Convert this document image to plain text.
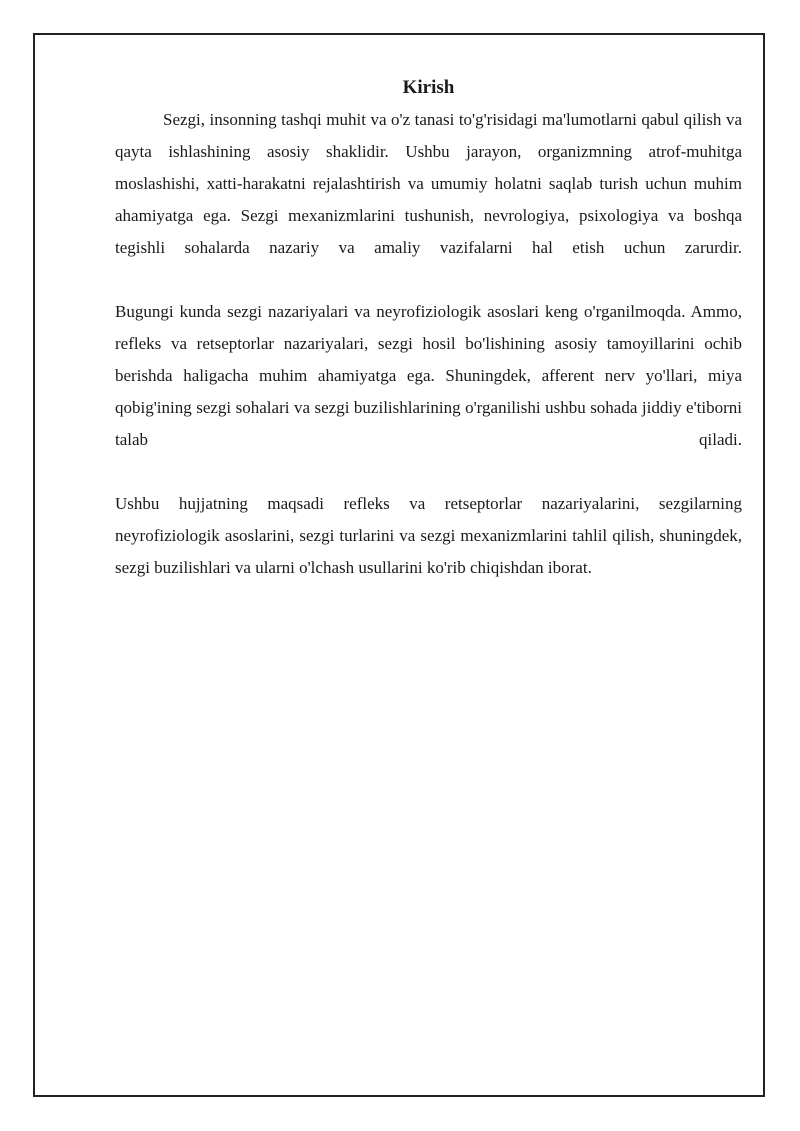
Kirish

Sezgi, insonning tashqi muhit va o'z tanasi to'g'risidagi ma'lumotlarni qabul qilish va qayta ishlashining asosiy shaklidir. Ushbu jarayon, organizmning atrof-muhitga moslashishi, xatti-harakatni rejalashtirish va umumiy holatni saqlab turish uchun muhim ahamiyatga ega. Sezgi mexanizmlarini tushunish, nevrologiya, psixologiya va boshqa tegishli sohalarda nazariy va amaliy vazifalarni hal etish uchun zarurdir.

Bugungi kunda sezgi nazariyalari va neyrofiziologik asoslari keng o'rganilmoqda. Ammo, refleks va retseptorlar nazariyalari, sezgi hosil bo'lishining asosiy tamoyillarini ochib berishda haligacha muhim ahamiyatga ega. Shuningdek, afferent nerv yo'llari, miya qobig'ining sezgi sohalari va sezgi buzilishlarining o'rganilishi ushbu sohada jiddiy e'tiborni talab qiladi.

Ushbu hujjatning maqsadi refleks va retseptorlar nazariyalarini, sezgilarning neyrofiziologik asoslarini, sezgi turlarini va sezgi mexanizmlarini tahlil qilish, shuningdek, sezgi buzilishlari va ularni o'lchash usullarini ko'rib chiqishdan iborat.
